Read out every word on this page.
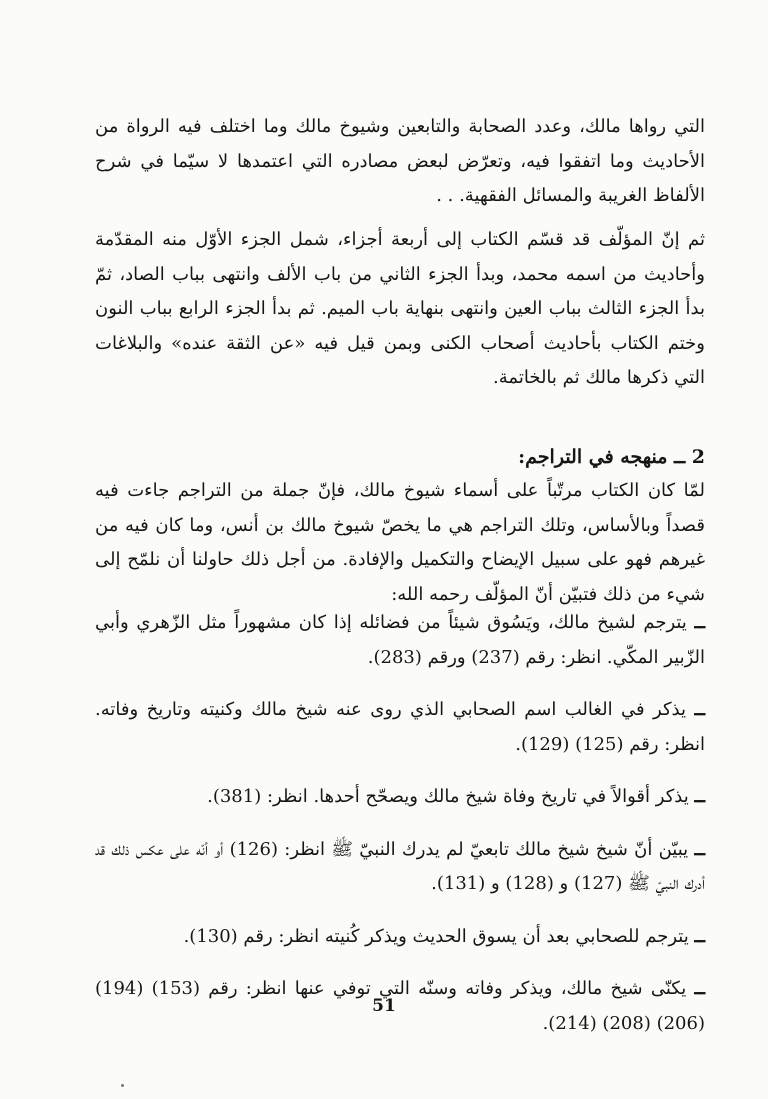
التي رواها مالك، وعدد الصحابة والتابعين وشيوخ مالك وما اختلف فيه الرواة من الأحاديث وما اتفقوا فيه، وتعرّض لبعض مصادره التي اعتمدها لا سيّما في شرح الألفاظ الغريبة والمسائل الفقهية. . .

ثم إنّ المؤلّف قد قسّم الكتاب إلى أربعة أجزاء، شمل الجزء الأوّل منه المقدّمة وأحاديث من اسمه محمد، وبدأ الجزء الثاني من باب الألف وانتهى بباب الصاد، ثمّ بدأ الجزء الثالث بباب العين وانتهى بنهاية باب الميم. ثم بدأ الجزء الرابع بباب النون وختم الكتاب بأحاديث أصحاب الكنى وبمن قيل فيه «عن الثقة عنده» والبلاغات التي ذكرها مالك ثم بالخاتمة.

2 ــ منهجه في التراجم:

لمّا كان الكتاب مرتّباً على أسماء شيوخ مالك، فإنّ جملة من التراجم جاءت فيه قصداً وبالأساس، وتلك التراجم هي ما يخصّ شيوخ مالك بن أنس، وما كان فيه من غيرهم فهو على سبيل الإيضاح والتكميل والإفادة. من أجل ذلك حاولنا أن نلمّح إلى شيء من ذلك فتبيّن أنّ المؤلّف رحمه الله:

ــ يترجم لشيخ مالك، ويَسُوق شيئاً من فضائله إذا كان مشهوراً مثل الزّهري وأبي الزّبير المكّي. انظر: رقم (237) ورقم (283).

ــ يذكر في الغالب اسم الصحابي الذي روى عنه شيخ مالك وكنيته وتاريخ وفاته. انظر: رقم (125) (129).

ــ يذكر أقوالاً في تاريخ وفاة شيخ مالك ويصحّح أحدها. انظر: (381).

ــ يبيّن أنّ شيخ شيخ مالك تابعيّ لم يدرك النبيّ ﷺ انظر: (126) أو أنّه على عكس ذلك قد أدرك النبيّ ﷺ (127) و (128) و (131).

ــ يترجم للصحابي بعد أن يسوق الحديث ويذكر كُنيته انظر: رقم (130).

ــ يكنّى شيخ مالك، ويذكر وفاته وسنّه التي توفي عنها انظر: رقم (153) (194) (206) (208) (214).

51
